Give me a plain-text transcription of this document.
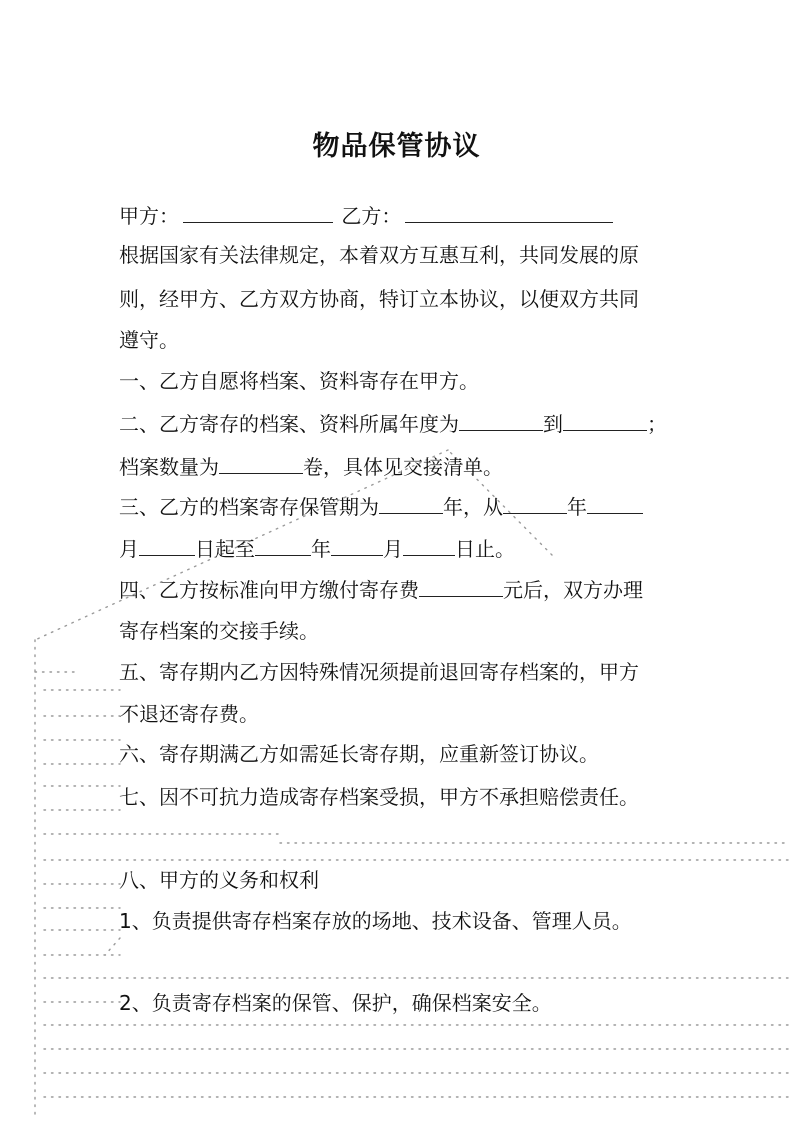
物品保管协议
甲方：	乙方：
根据国家有关法律规定，本着双方互惠互利，共同发展的原
则，经甲方、乙方双方协商，特订立本协议，以便双方共同
遵守。
一、乙方自愿将档案、资料寄存在甲方。
二、乙方寄存的档案、资料所属年度为	到	；
档案数量为	卷，具体见交接清单。
三、乙方的档案寄存保管期为	年，从	年
月	日起至	年	月	日止。
四、乙方按标准向甲方缴付寄存费	元后，双方办理
寄存档案的交接手续。
五、寄存期内乙方因特殊情况须提前退回寄存档案的，甲方
不退还寄存费。
六、寄存期满乙方如需延长寄存期，应重新签订协议。
七、因不可抗力造成寄存档案受损，甲方不承担赔偿责任。
八、甲方的义务和权利
1、负责提供寄存档案存放的场地、技术设备、管理人员。
2、负责寄存档案的保管、保护，确保档案安全。
